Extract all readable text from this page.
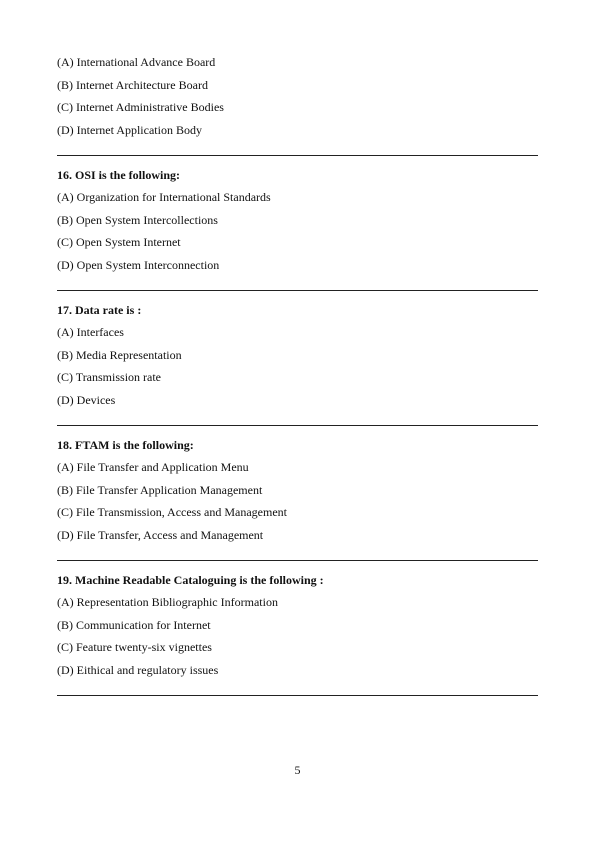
(A) International Advance Board
(B) Internet Architecture Board
(C) Internet Administrative Bodies
(D) Internet Application Body
16. OSI is the following:
(A) Organization for International Standards
(B) Open System Intercollections
(C) Open System Internet
(D) Open System Interconnection
17. Data rate is :
(A) Interfaces
(B) Media Representation
(C) Transmission rate
(D) Devices
18. FTAM is the following:
(A) File Transfer and Application Menu
(B) File Transfer Application Management
(C) File Transmission, Access and Management
(D) File Transfer, Access and Management
19. Machine Readable Cataloguing is the following :
(A) Representation Bibliographic Information
(B) Communication for Internet
(C) Feature twenty-six vignettes
(D) Eithical and regulatory issues
5
